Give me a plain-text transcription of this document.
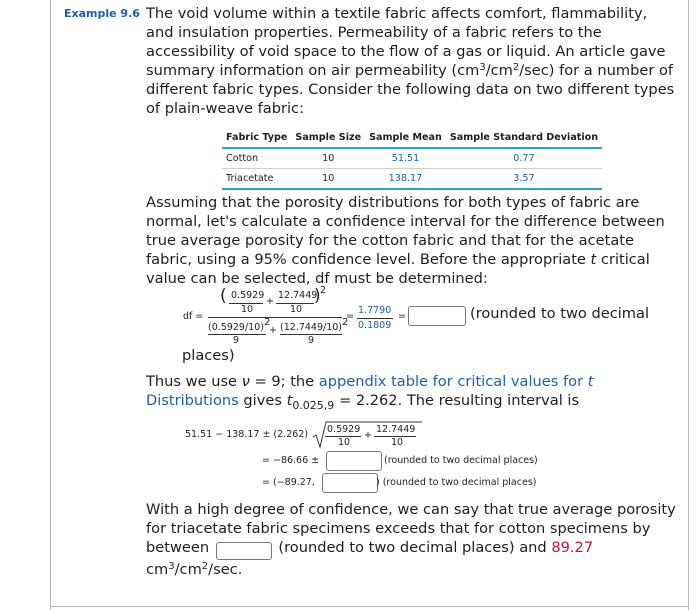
Example 9.6 The void volume within a textile fabric affects comfort, flammability, and insulation properties. Permeability of a fabric refers to the accessibility of void space to the flow of a gas or liquid. An article gave summary information on air permeability $(cm^3/cm^2/\sec)$ for a number of different fabric types. Consider the following data on two different types of plain-weave fabric:
Fabric Type	Sample Size	Sample Mean	Sample Standard Deviation
Cotton	10	51.51	0.77
Triacetate	10	138.17	3.57
Assuming that the porosity distributions for both types of fabric are normal, let's calculate a confidence interval for the difference between true average porosity for the cotton fabric and that for the acetate fabric, using a 95% confidence level. Before the appropriate t critical value can be selected, df must be determined:
df =
( 0.5929
10
+
12.7449
10
) 2
$(0.5929/10)^2$
9
+ $(12.7449/10)^2$
9
=
1.7790
0.1809
=	(rounded to two decimal
places)
Thus we use ν = 9; the appendix table for critical values for t Distributions gives $t_{0.025,9} = 2.262$. The resulting interval is
51.51 − 138.17 ± (2.262) 0.5929
10
+
12.7449
10
= −86.66 ±	(rounded to two decimal places)
= (−89.27,	) (rounded to two decimal places)
With a high degree of confidence, we can say that true average porosity for triacetate fabric specimens exceeds that for cotton specimens by between	(rounded to two decimal places) and 89.27
$cm^3/cm^2/\sec$.
